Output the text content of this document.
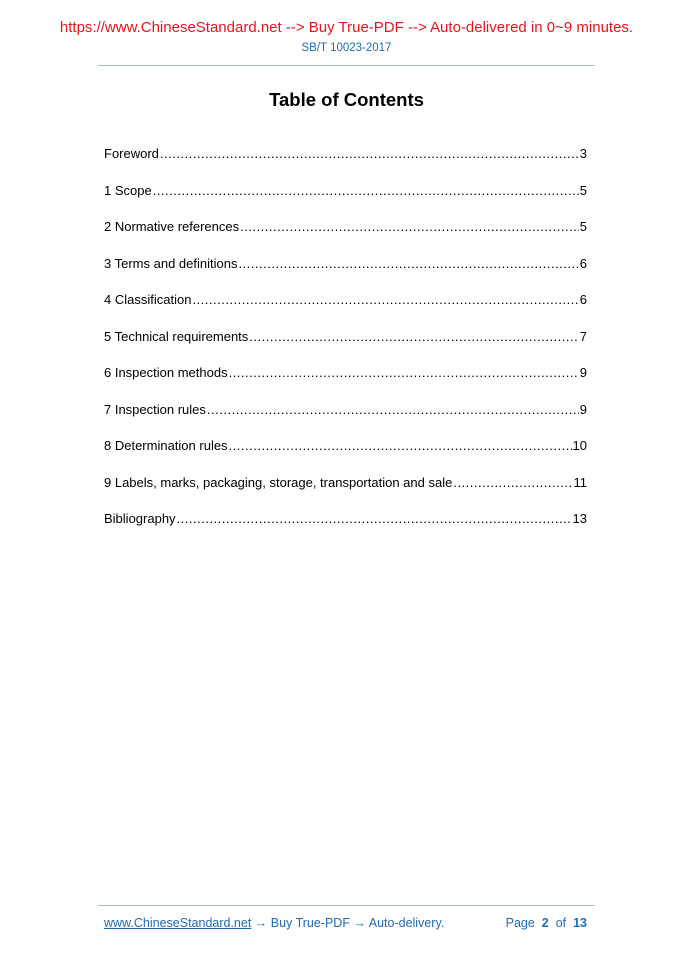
https://www.ChineseStandard.net --> Buy True-PDF --> Auto-delivered in 0~9 minutes.
SB/T 10023-2017
Table of Contents
Foreword .....	3
1 Scope .....	5
2 Normative references .....	5
3 Terms and definitions .....	6
4 Classification .....	6
5 Technical requirements .....	7
6 Inspection methods .....	9
7 Inspection rules .....	9
8 Determination rules .....	10
9 Labels, marks, packaging, storage, transportation and sale .....	11
Bibliography .....	13
www.ChineseStandard.net → Buy True-PDF → Auto-delivery.	Page 2 of 13
